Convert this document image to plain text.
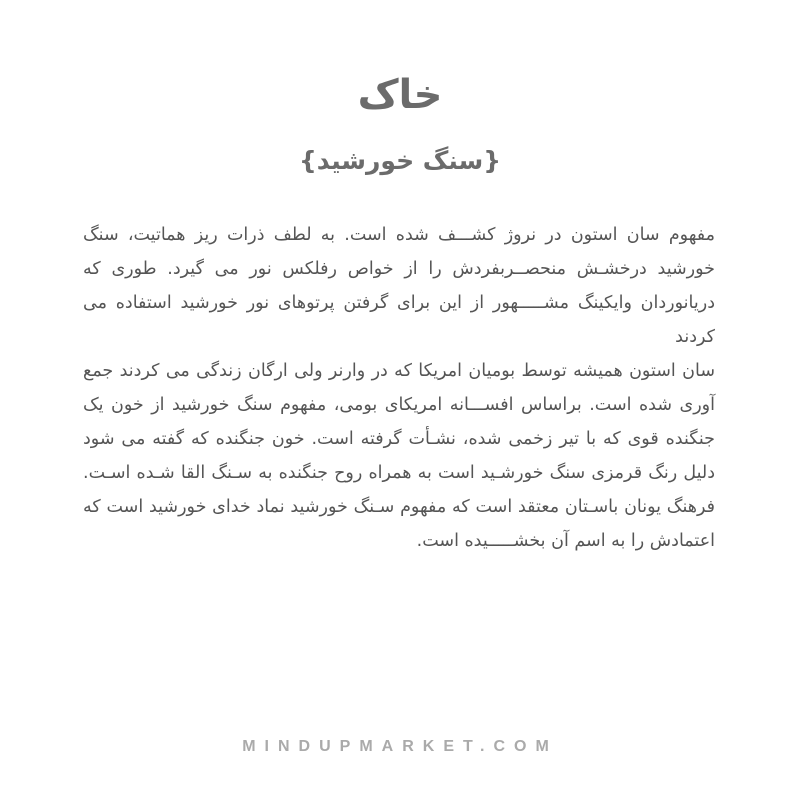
خاک
{سنگ خورشید}

مفهوم سان استون در نروژ کشـــف شده است. به لطف ذرات ریز هماتیت، سنگ خورشید درخشـش منحصــربفردش را از خواص رفلکس نور می گیرد. طوری که دریانوردان وایکینگ مشـــــهور از این برای گرفتن پرتوهای نور خورشید استفاده می کردند

سان استون همیشه توسط بومیان امریکا که در وارنر ولی ارگان زندگی می کردند جمع آوری شده است. براساس افســـانه امریکای بومی، مفهوم سنگ خورشید از خون یک جنگنده قوی که با تیر زخمی شده، نشـأت گرفته است. خون جنگنده که گفته می شود دلیل رنگ قرمزی سنگ خورشـید است به همراه روح جنگنده به سـنگ القا شـده اسـت. فرهنگ یونان باسـتان معتقد است که مفهوم سـنگ خورشید نماد خدای خورشید است که اعتمادش را به اسم آن بخشـــــیده است.

MINDUPMARKET.COM
